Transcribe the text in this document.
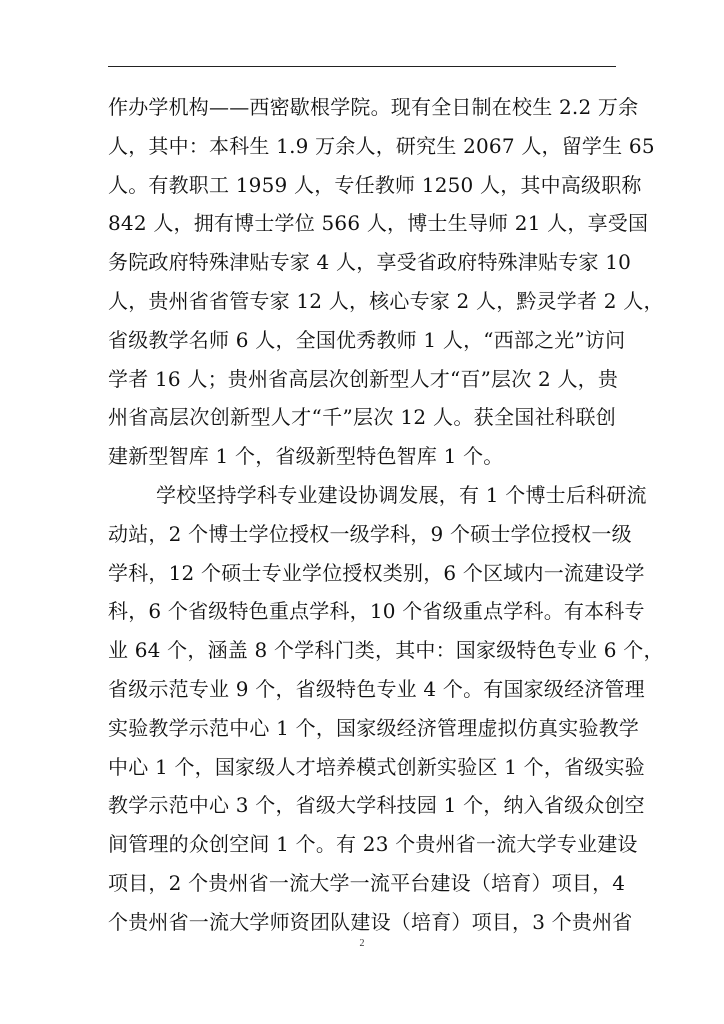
作办学机构——西密歇根学院。现有全日制在校生 2.2 万余
人，其中：本科生 1.9 万余人，研究生 2067 人，留学生 65
人。有教职工 1959 人，专任教师 1250 人，其中高级职称
842 人，拥有博士学位 566 人，博士生导师 21 人，享受国
务院政府特殊津贴专家 4 人，享受省政府特殊津贴专家 10
人，贵州省省管专家 12 人，核心专家 2 人，黔灵学者 2 人，
省级教学名师 6 人，全国优秀教师 1 人，“西部之光”访问
学者 16 人；贵州省高层次创新型人才“百”层次 2 人，贵
州省高层次创新型人才“千”层次 12 人。获全国社科联创
建新型智库 1 个，省级新型特色智库 1 个。
学校坚持学科专业建设协调发展，有 1 个博士后科研流
动站，2 个博士学位授权一级学科，9 个硕士学位授权一级
学科，12 个硕士专业学位授权类别，6 个区域内一流建设学
科，6 个省级特色重点学科，10 个省级重点学科。有本科专
业 64 个，涵盖 8 个学科门类，其中：国家级特色专业 6 个，
省级示范专业 9 个，省级特色专业 4 个。有国家级经济管理
实验教学示范中心 1 个，国家级经济管理虚拟仿真实验教学
中心 1 个，国家级人才培养模式创新实验区 1 个，省级实验
教学示范中心 3 个，省级大学科技园 1 个，纳入省级众创空
间管理的众创空间 1 个。有 23 个贵州省一流大学专业建设
项目，2 个贵州省一流大学一流平台建设（培育）项目，4
个贵州省一流大学师资团队建设（培育）项目，3 个贵州省
2
